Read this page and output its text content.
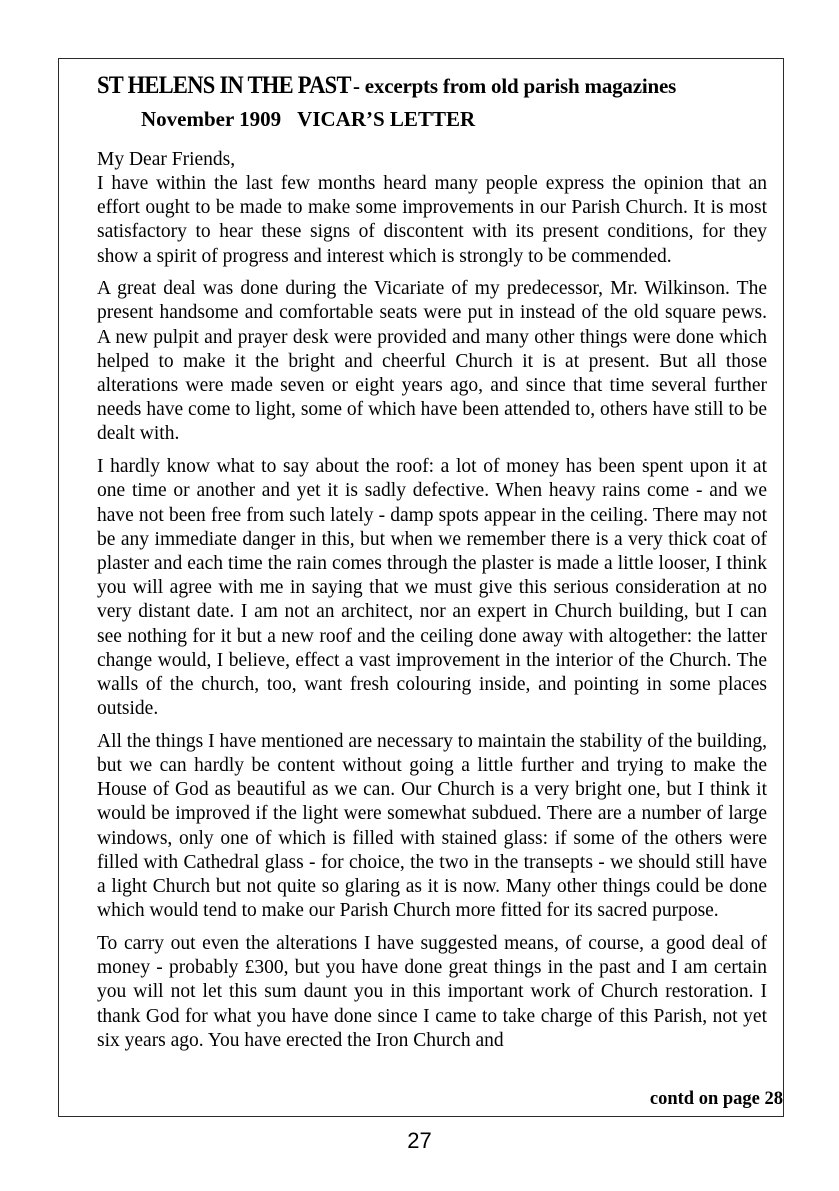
ST HELENS IN THE PAST - excerpts from old parish magazines
November 1909 VICAR’S LETTER

My Dear Friends,

I have within the last few months heard many people express the opinion that an effort ought to be made to make some improvements in our Parish Church. It is most satisfactory to hear these signs of discontent with its present conditions, for they show a spirit of progress and interest which is strongly to be commended.

A great deal was done during the Vicariate of my predecessor, Mr. Wilkinson. The present handsome and comfortable seats were put in instead of the old square pews. A new pulpit and prayer desk were provided and many other things were done which helped to make it the bright and cheerful Church it is at present. But all those alterations were made seven or eight years ago, and since that time several further needs have come to light, some of which have been attended to, others have still to be dealt with.

I hardly know what to say about the roof: a lot of money has been spent upon it at one time or another and yet it is sadly defective. When heavy rains come - and we have not been free from such lately - damp spots appear in the ceiling. There may not be any immediate danger in this, but when we remember there is a very thick coat of plaster and each time the rain comes through the plaster is made a little looser, I think you will agree with me in saying that we must give this serious consideration at no very distant date. I am not an architect, nor an expert in Church building, but I can see nothing for it but a new roof and the ceiling done away with altogether: the latter change would, I believe, effect a vast improvement in the interior of the Church. The walls of the church, too, want fresh colouring inside, and pointing in some places outside.

All the things I have mentioned are necessary to maintain the stability of the building, but we can hardly be content without going a little further and trying to make the House of God as beautiful as we can. Our Church is a very bright one, but I think it would be improved if the light were somewhat subdued. There are a number of large windows, only one of which is filled with stained glass: if some of the others were filled with Cathedral glass - for choice, the two in the transepts - we should still have a light Church but not quite so glaring as it is now. Many other things could be done which would tend to make our Parish Church more fitted for its sacred purpose.

To carry out even the alterations I have suggested means, of course, a good deal of money - probably £300, but you have done great things in the past and I am certain you will not let this sum daunt you in this important work of Church restoration. I thank God for what you have done since I came to take charge of this Parish, not yet six years ago. You have erected the Iron Church and

contd on page 28
27
